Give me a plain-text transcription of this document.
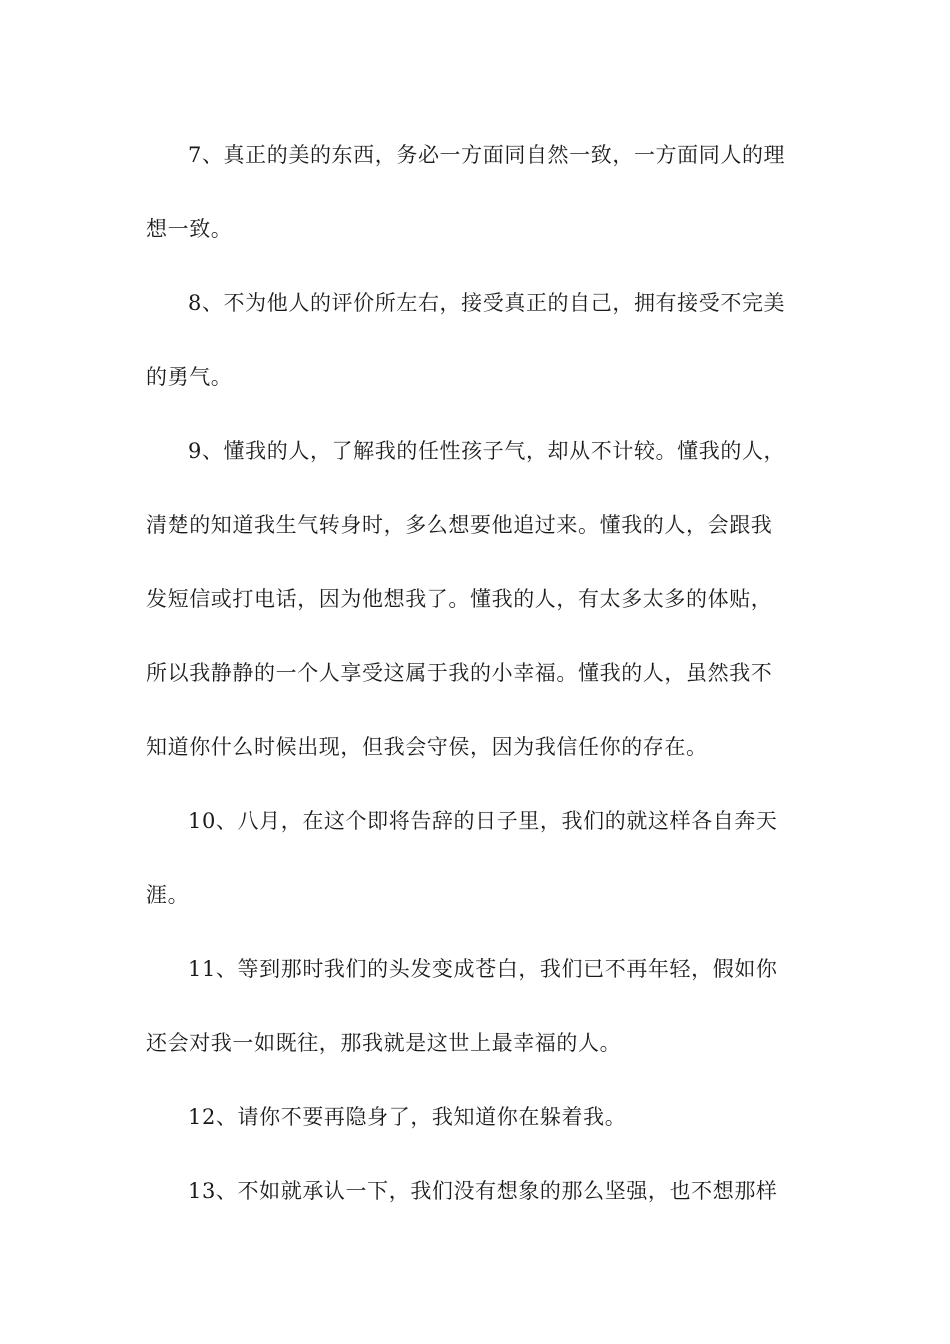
7、真正的美的东西，务必一方面同自然一致，一方面同人的理
想一致。
8、不为他人的评价所左右，接受真正的自己，拥有接受不完美
的勇气。
9、懂我的人，了解我的任性孩子气，却从不计较。懂我的人，
清楚的知道我生气转身时，多么想要他追过来。懂我的人，会跟我
发短信或打电话，因为他想我了。懂我的人，有太多太多的体贴，
所以我静静的一个人享受这属于我的小幸福。懂我的人，虽然我不
知道你什么时候出现，但我会守侯，因为我信任你的存在。
10、八月，在这个即将告辞的日子里，我们的就这样各自奔天
涯。
11、等到那时我们的头发变成苍白，我们已不再年轻，假如你
还会对我一如既往，那我就是这世上最幸福的人。
12、请你不要再隐身了，我知道你在躲着我。
13、不如就承认一下，我们没有想象的那么坚强，也不想那样
